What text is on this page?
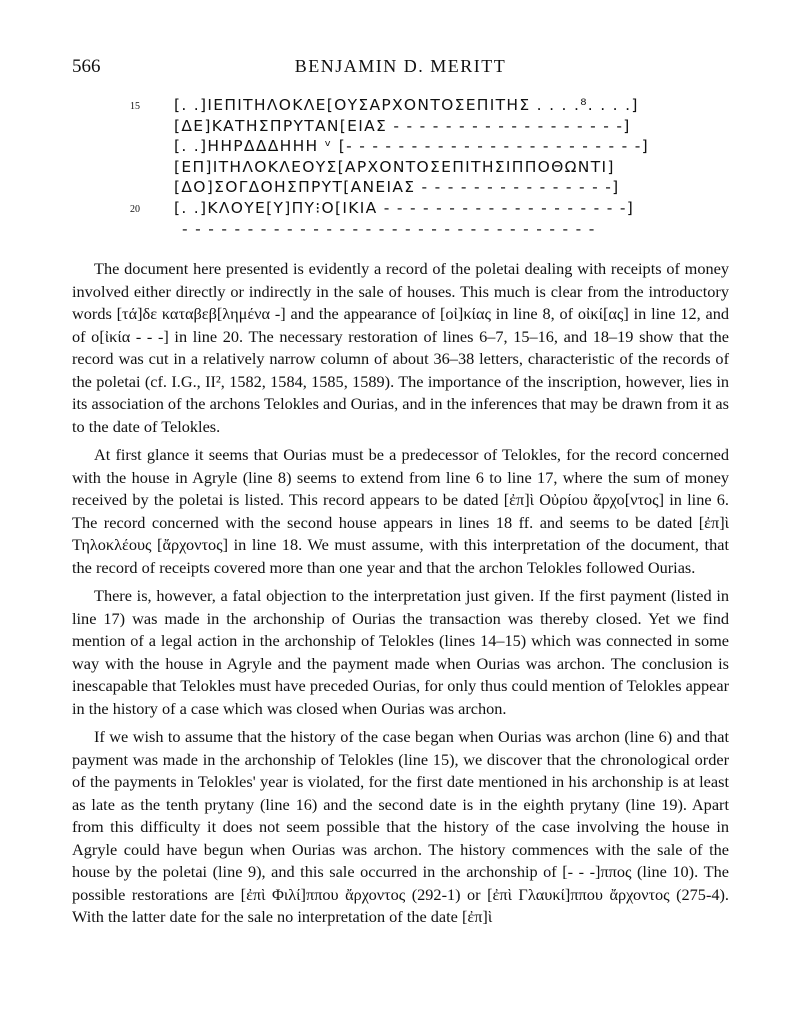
566	BENJAMIN D. MERITT
15 [. .]ΙΕΠΙΤΗΛΟΚΛΕ[ΟΥΣΑΡΧΟΝΤΟΣΕΠΙΤΗΣ . . . .⁸. . . .]
[ΔΕ]ΚΑΤΗΣΠΡΥΤΑΝ[ΕΙΑΣ - - - - - - - - - - - - - - - - - -]
[. .]ΗΗΡΔΔΔΗΗΗ ᵛ [- - - - - - - - - - - - - - - - - - - - - - -]
[ΕΠ]ΙΤΗΛΟΚΛΕΟΥΣ[ΑΡΧΟΝΤΟΣΕΠΙΤΗΣΙΠΠΟΘΩΝΤΙ]
[ΔΟ]ΣΟΓΔΟΗΣΠΡΥΤ[ΑΝΕΙΑΣ - - - - - - - - - - - - - - -]
20 [. .]ΚΛΟΥΕ[Υ]ΠΥ⁝Ο[ΙΚΙΑ - - - - - - - - - - - - - - - - - - -]
- - - - - - - - - - - - - - - - - - - - - - - - - - - - - - - -

The document here presented is evidently a record of the poletai dealing with receipts of money involved either directly or indirectly in the sale of houses. This much is clear from the introductory words [τά]δε καταβεβ[λημένα -] and the appearance of [οἰ]κίας in line 8, of οἰκί[ας] in line 12, and of ο[ἰκία - - -] in line 20. The necessary restoration of lines 6–7, 15–16, and 18–19 show that the record was cut in a relatively narrow column of about 36–38 letters, characteristic of the records of the poletai (cf. I.G., II², 1582, 1584, 1585, 1589). The importance of the inscription, however, lies in its association of the archons Telokles and Ourias, and in the inferences that may be drawn from it as to the date of Telokles.

At first glance it seems that Ourias must be a predecessor of Telokles, for the record concerned with the house in Agryle (line 8) seems to extend from line 6 to line 17, where the sum of money received by the poletai is listed. This record appears to be dated [ἐπ]ὶ Οὐρίου ἄρχο[ντος] in line 6. The record concerned with the second house appears in lines 18 ff. and seems to be dated [ἐπ]ὶ Τηλοκλέους [ἄρχοντος] in line 18. We must assume, with this interpretation of the document, that the record of receipts covered more than one year and that the archon Telokles followed Ourias.

There is, however, a fatal objection to the interpretation just given. If the first payment (listed in line 17) was made in the archonship of Ourias the transaction was thereby closed. Yet we find mention of a legal action in the archonship of Telokles (lines 14–15) which was connected in some way with the house in Agryle and the payment made when Ourias was archon. The conclusion is inescapable that Telokles must have preceded Ourias, for only thus could mention of Telokles appear in the history of a case which was closed when Ourias was archon.

If we wish to assume that the history of the case began when Ourias was archon (line 6) and that payment was made in the archonship of Telokles (line 15), we discover that the chronological order of the payments in Telokles' year is violated, for the first date mentioned in his archonship is at least as late as the tenth prytany (line 16) and the second date is in the eighth prytany (line 19). Apart from this difficulty it does not seem possible that the history of the case involving the house in Agryle could have begun when Ourias was archon. The history commences with the sale of the house by the poletai (line 9), and this sale occurred in the archonship of [- - -]ππος (line 10). The possible restorations are [ἐπὶ Φιλί]ππου ἄρχοντος (292-1) or [ἐπὶ Γλαυκί]ππου ἄρχοντος (275-4). With the latter date for the sale no interpretation of the date [ἐπ]ὶ
